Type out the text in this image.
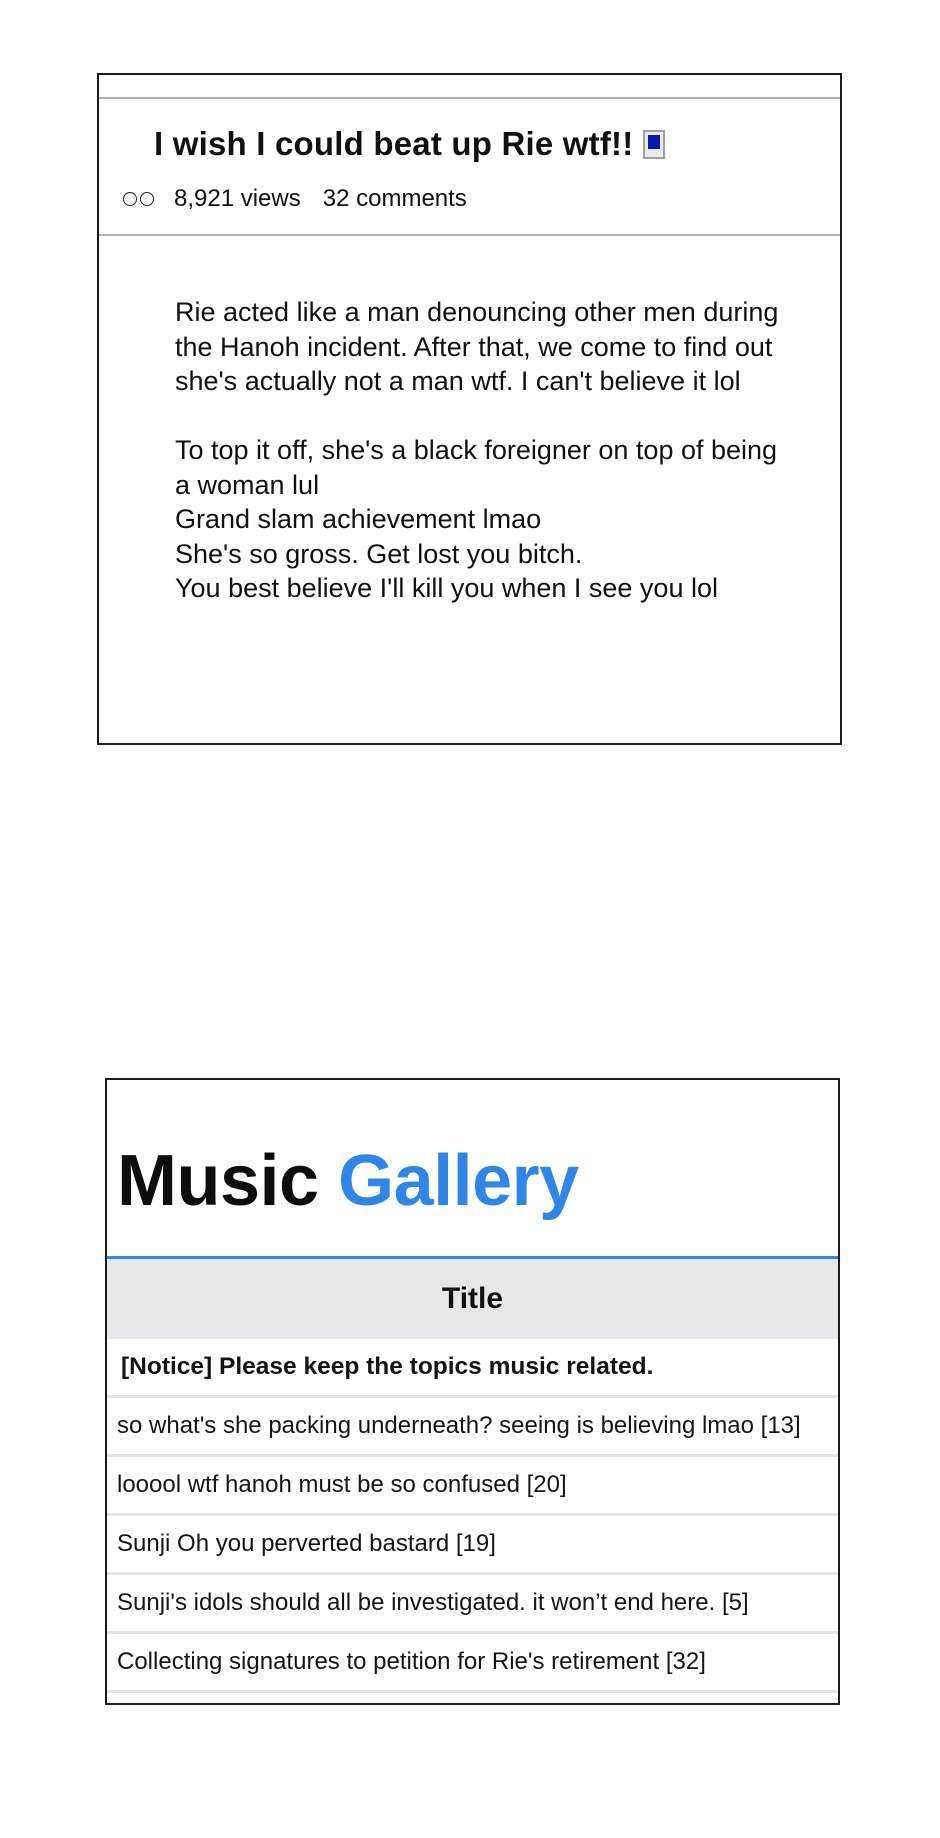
I wish I could beat up Rie wtf!!
8,921 views 32 comments

Rie acted like a man denouncing other men during the Hanoh incident. After that, we come to find out she's actually not a man wtf. I can't believe it lol

To top it off, she's a black foreigner on top of being a woman lul

Grand slam achievement lmao

She's so gross. Get lost you bitch.

You best believe I'll kill you when I see you lol

Music Gallery
Title
[Notice] Please keep the topics music related.
so what's she packing underneath? seeing is believing lmao [13]
looool wtf hanoh must be so confused [20]
Sunji Oh you perverted bastard [19]
Sunji's idols should all be investigated. it won’t end here. [5]
Collecting signatures to petition for Rie's retirement [32]
